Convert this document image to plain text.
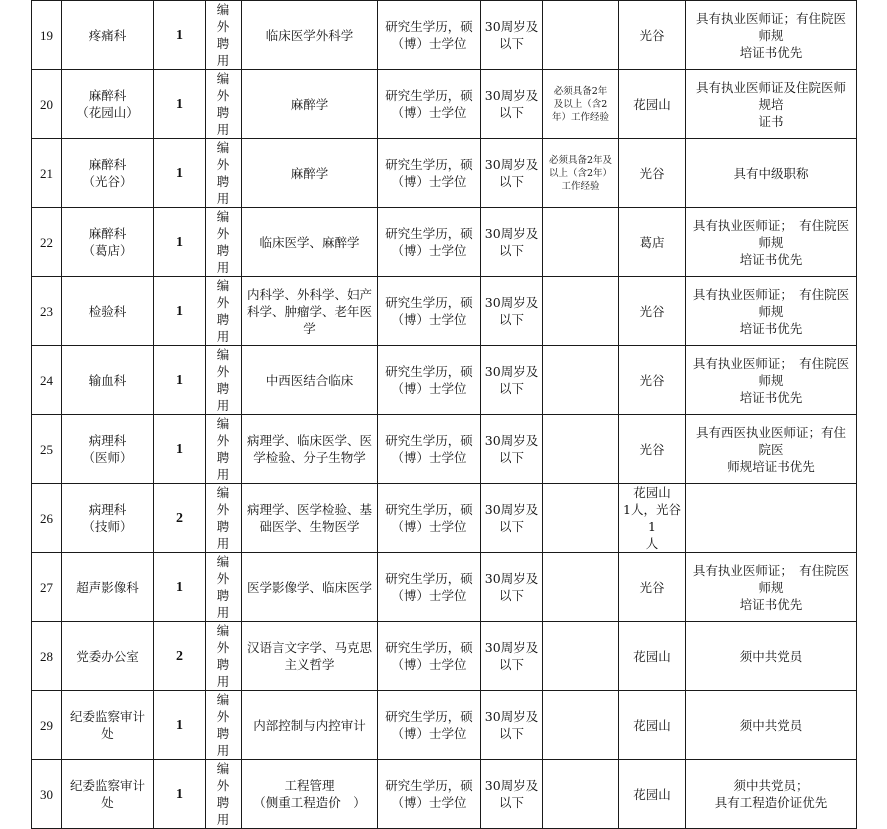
19	疼痛科	1	编外
聘用	临床医学外科学	研究生学历，硕
（博）士学位	30周岁及
以下		光谷	具有执业医师证；有住院医师规
培证书优先
20	麻醉科
（花园山）	1	编外
聘用	麻醉学	研究生学历，硕
（博）士学位	30周岁及
以下	必须具备2年
及以上（含2
年）工作经验	花园山	具有执业医师证及住院医师规培
证书
21	麻醉科
（光谷）	1	编外
聘用	麻醉学	研究生学历，硕
（博）士学位	30周岁及
以下	必须具备2年及
以上（含2年）
工作经验	光谷	具有中级职称
22	麻醉科
（葛店）	1	编外
聘用	临床医学、麻醉学	研究生学历，硕
（博）士学位	30周岁及
以下		葛店	具有执业医师证；　有住院医师规
培证书优先
23	检验科	1	编外
聘用	内科学、外科学、妇产
科学、肿瘤学、老年医
学	研究生学历，硕
（博）士学位	30周岁及
以下		光谷	具有执业医师证；　有住院医师规
培证书优先
24	输血科	1	编外
聘用	中西医结合临床	研究生学历，硕
（博）士学位	30周岁及
以下		光谷	具有执业医师证；　有住院医师规
培证书优先
25	病理科
（医师）	1	编外
聘用	病理学、临床医学、医
学检验、分子生物学	研究生学历，硕
（博）士学位	30周岁及
以下		光谷	具有西医执业医师证；有住院医
师规培证书优先
26	病理科
（技师）	2	编外
聘用	病理学、医学检验、基
础医学、生物医学	研究生学历，硕
（博）士学位	30周岁及
以下		花园山
1人，光谷1
人	
27	超声影像科	1	编外
聘用	医学影像学、临床医学	研究生学历，硕
（博）士学位	30周岁及
以下		光谷	具有执业医师证；　有住院医师规
培证书优先
28	党委办公室	2	编外
聘用	汉语言文字学、马克思
主义哲学	研究生学历，硕
（博）士学位	30周岁及
以下		花园山	须中共党员
29	纪委监察审计
处	1	编外
聘用	内部控制与内控审计	研究生学历，硕
（博）士学位	30周岁及
以下		花园山	须中共党员
30	纪委监察审计
处	1	编外
聘用	工程管理
（侧重工程造价　）	研究生学历，硕
（博）士学位	30周岁及
以下		花园山	须中共党员；
具有工程造价证优先
